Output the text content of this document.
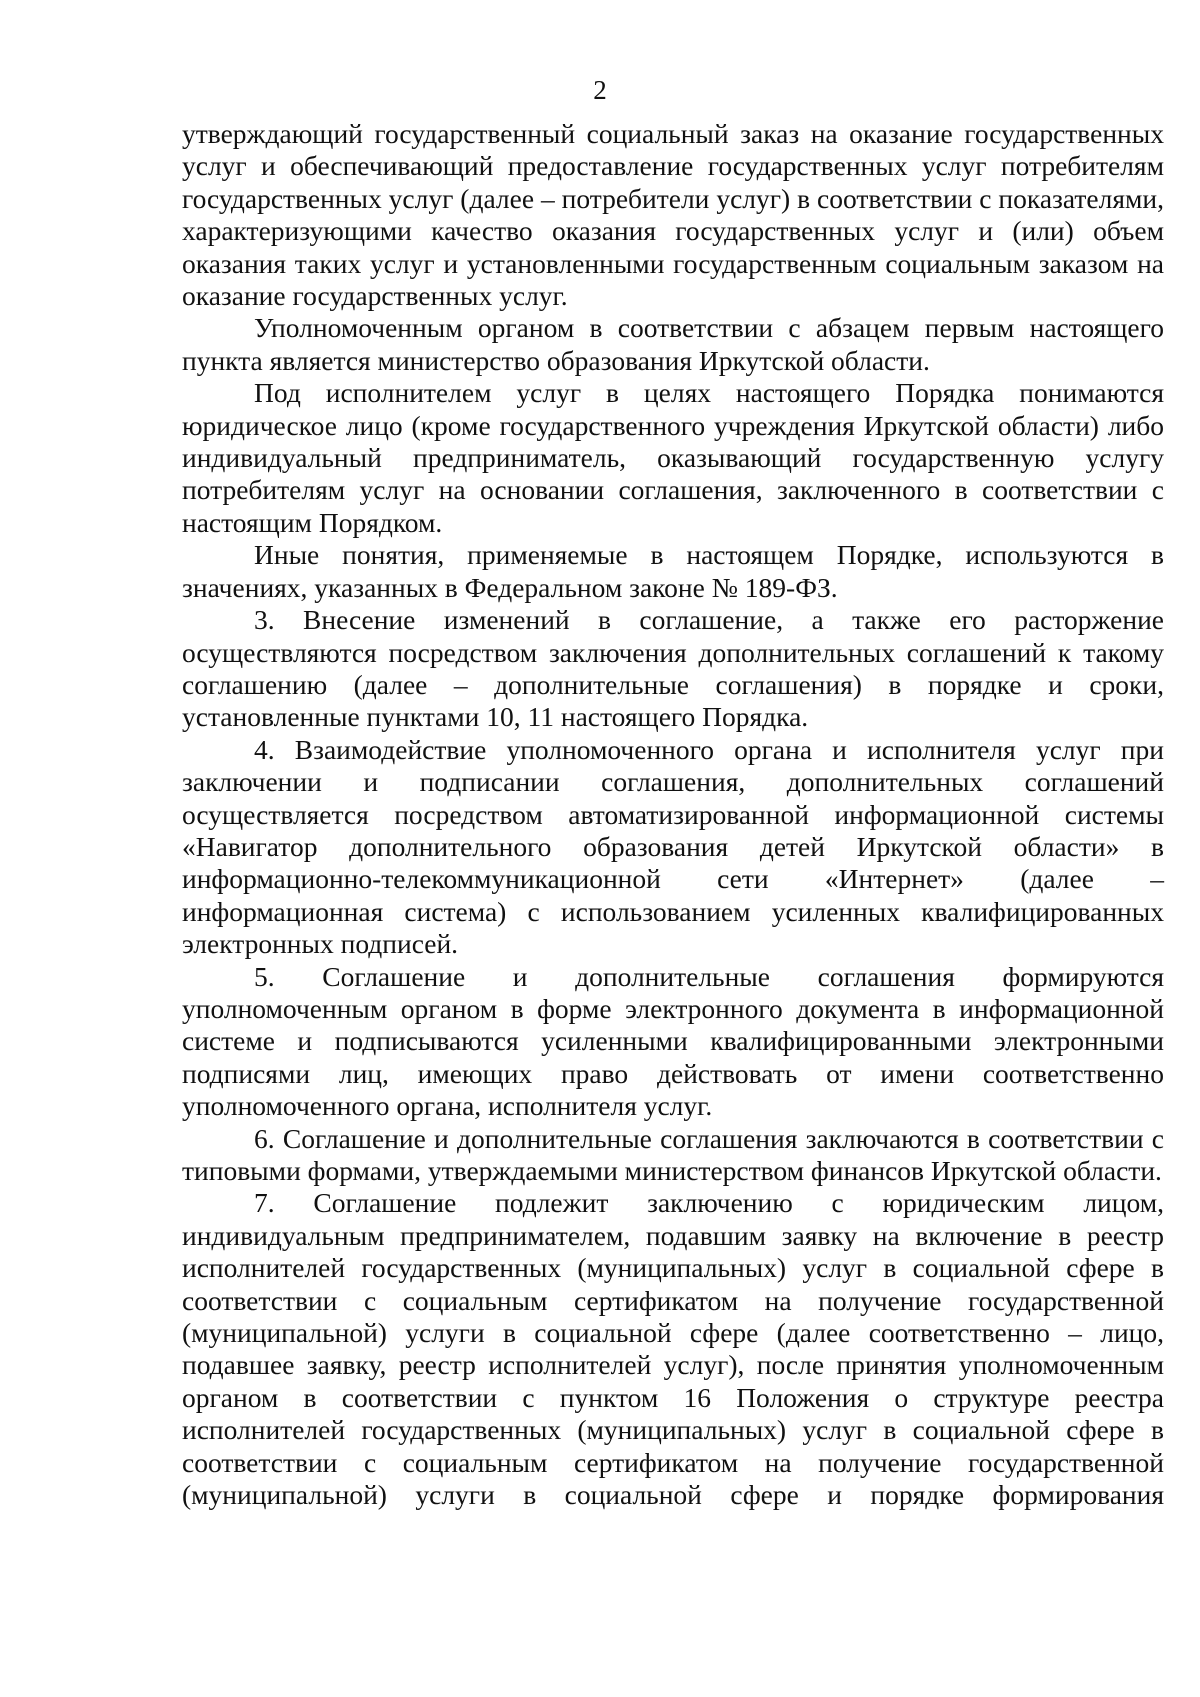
2

утверждающий государственный социальный заказ на оказание государственных услуг и обеспечивающий предоставление государственных услуг потребителям государственных услуг (далее – потребители услуг) в соответствии с показателями, характеризующими качество оказания государственных услуг и (или) объем оказания таких услуг и установленными государственным социальным заказом на оказание государственных услуг.

Уполномоченным органом в соответствии с абзацем первым настоящего пункта является министерство образования Иркутской области.

Под исполнителем услуг в целях настоящего Порядка понимаются юридическое лицо (кроме государственного учреждения Иркутской области) либо индивидуальный предприниматель, оказывающий государственную услугу потребителям услуг на основании соглашения, заключенного в соответствии с настоящим Порядком.

Иные понятия, применяемые в настоящем Порядке, используются в значениях, указанных в Федеральном законе № 189-ФЗ.

3. Внесение изменений в соглашение, а также его расторжение осуществляются посредством заключения дополнительных соглашений к такому соглашению (далее – дополнительные соглашения) в порядке и сроки, установленные пунктами 10, 11 настоящего Порядка.

4. Взаимодействие уполномоченного органа и исполнителя услуг при заключении и подписании соглашения, дополнительных соглашений осуществляется посредством автоматизированной информационной системы «Навигатор дополнительного образования детей Иркутской области» в информационно-телекоммуникационной сети «Интернет» (далее – информационная система) с использованием усиленных квалифицированных электронных подписей.

5. Соглашение и дополнительные соглашения формируются уполномоченным органом в форме электронного документа в информационной системе и подписываются усиленными квалифицированными электронными подписями лиц, имеющих право действовать от имени соответственно уполномоченного органа, исполнителя услуг.

6. Соглашение и дополнительные соглашения заключаются в соответствии с типовыми формами, утверждаемыми министерством финансов Иркутской области.

7. Соглашение подлежит заключению с юридическим лицом, индивидуальным предпринимателем, подавшим заявку на включение в реестр исполнителей государственных (муниципальных) услуг в социальной сфере в соответствии с социальным сертификатом на получение государственной (муниципальной) услуги в социальной сфере (далее соответственно – лицо, подавшее заявку, реестр исполнителей услуг), после принятия уполномоченным органом в соответствии с пунктом 16 Положения о структуре реестра исполнителей государственных (муниципальных) услуг в социальной сфере в соответствии с социальным сертификатом на получение государственной (муниципальной) услуги в социальной сфере и порядке формирования
